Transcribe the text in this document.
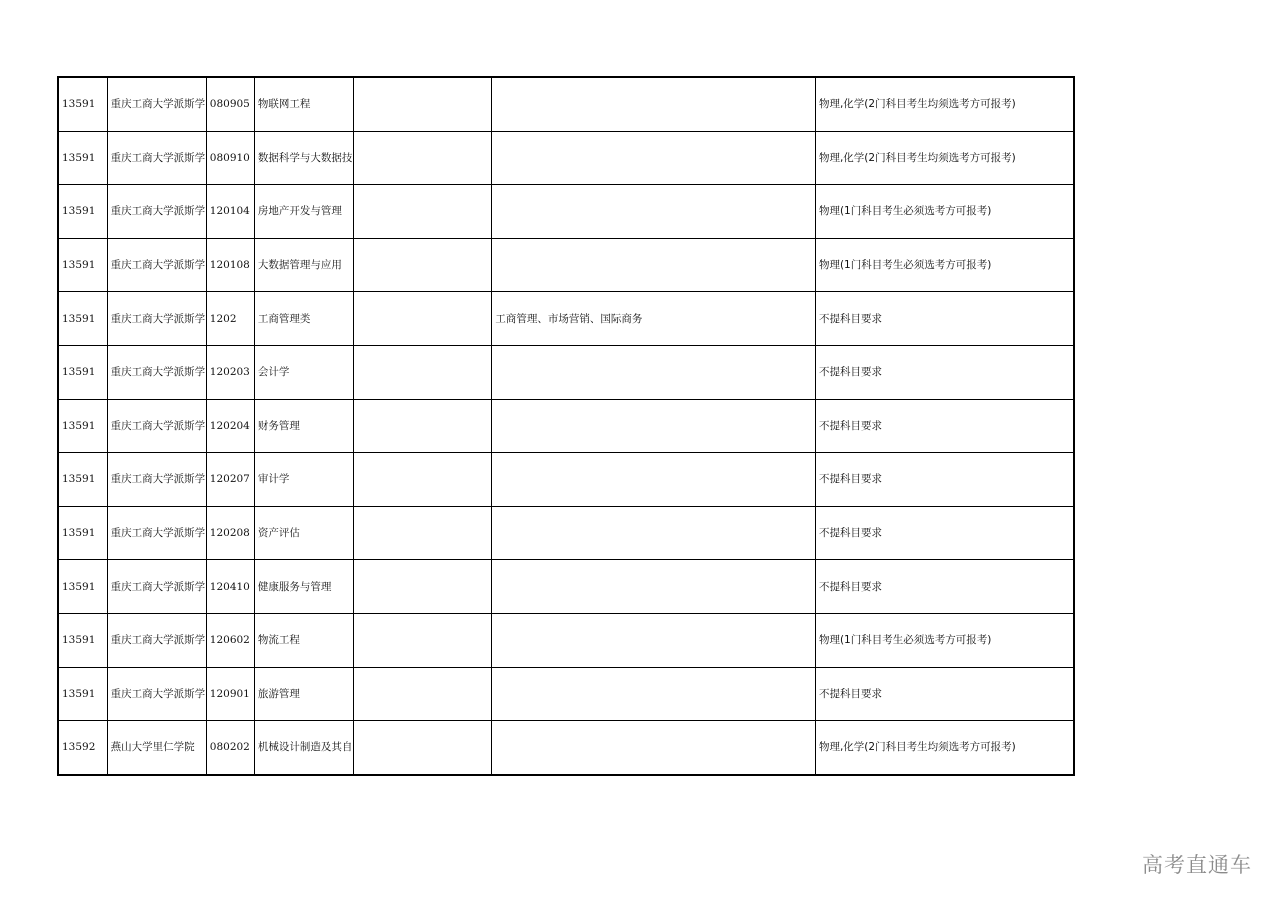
13591	重庆工商大学派斯学	080905	物联网工程			物理,化学(2门科目考生均须选考方可报考)
13591	重庆工商大学派斯学	080910	数据科学与大数据技			物理,化学(2门科目考生均须选考方可报考)
13591	重庆工商大学派斯学	120104	房地产开发与管理			物理(1门科目考生必须选考方可报考)
13591	重庆工商大学派斯学	120108	大数据管理与应用			物理(1门科目考生必须选考方可报考)
13591	重庆工商大学派斯学	1202	工商管理类		工商管理、市场营销、国际商务	不提科目要求
13591	重庆工商大学派斯学	120203	会计学			不提科目要求
13591	重庆工商大学派斯学	120204	财务管理			不提科目要求
13591	重庆工商大学派斯学	120207	审计学			不提科目要求
13591	重庆工商大学派斯学	120208	资产评估			不提科目要求
13591	重庆工商大学派斯学	120410	健康服务与管理			不提科目要求
13591	重庆工商大学派斯学	120602	物流工程			物理(1门科目考生必须选考方可报考)
13591	重庆工商大学派斯学	120901	旅游管理			不提科目要求
13592	燕山大学里仁学院	080202	机械设计制造及其自			物理,化学(2门科目考生均须选考方可报考)
高考直通车
